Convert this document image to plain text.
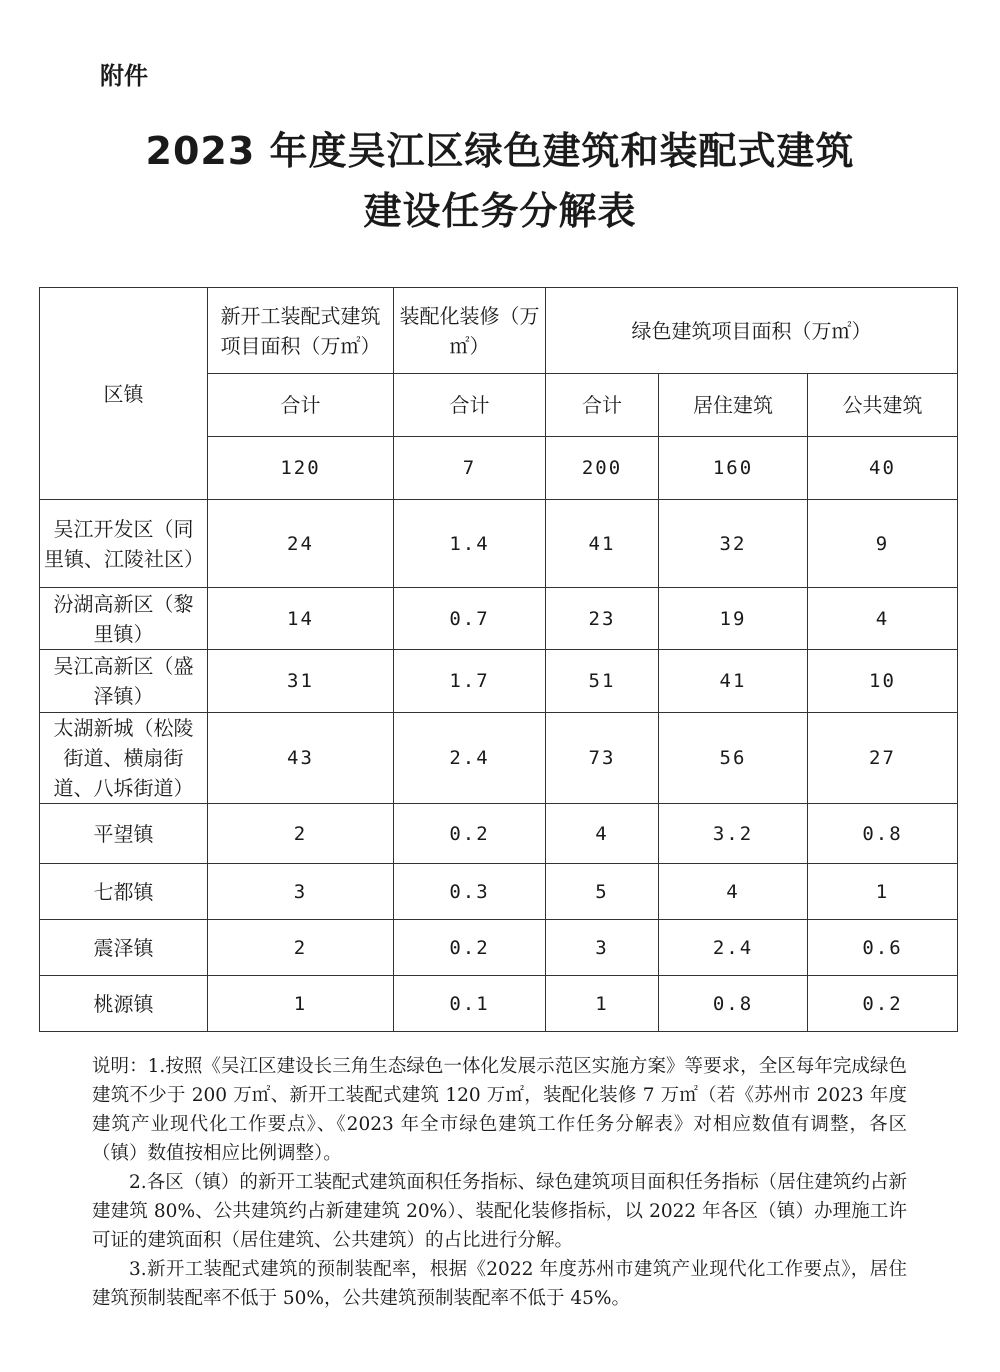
附件
2023 年度吴江区绿色建筑和装配式建筑
建设任务分解表
区镇	新开工装配式建筑项目面积（万㎡）	装配化装修（万㎡）	绿色建筑项目面积（万㎡）		
	合计	合计	合计	居住建筑	公共建筑
	120	7	200	160	40
吴江开发区（同里镇、江陵社区）	24	1.4	41	32	9
汾湖高新区（黎里镇）	14	0.7	23	19	4
吴江高新区（盛泽镇）	31	1.7	51	41	10
太湖新城（松陵街道、横扇街道、八坼街道）	43	2.4	73	56	27
平望镇	2	0.2	4	3.2	0.8
七都镇	3	0.3	5	4	1
震泽镇	2	0.2	3	2.4	0.6
桃源镇	1	0.1	1	0.8	0.2

说明：1.按照《吴江区建设长三角生态绿色一体化发展示范区实施方案》等要求，全区每年完成绿色建筑不少于 200 万㎡、新开工装配式建筑 120 万㎡，装配化装修 7 万㎡（若《苏州市 2023 年度建筑产业现代化工作要点》、《2023 年全市绿色建筑工作任务分解表》对相应数值有调整，各区（镇）数值按相应比例调整）。

2.各区（镇）的新开工装配式建筑面积任务指标、绿色建筑项目面积任务指标（居住建筑约占新建建筑 80%、公共建筑约占新建建筑 20%）、装配化装修指标，以 2022 年各区（镇）办理施工许可证的建筑面积（居住建筑、公共建筑）的占比进行分解。

3.新开工装配式建筑的预制装配率，根据《2022 年度苏州市建筑产业现代化工作要点》，居住建筑预制装配率不低于 50%，公共建筑预制装配率不低于 45%。
